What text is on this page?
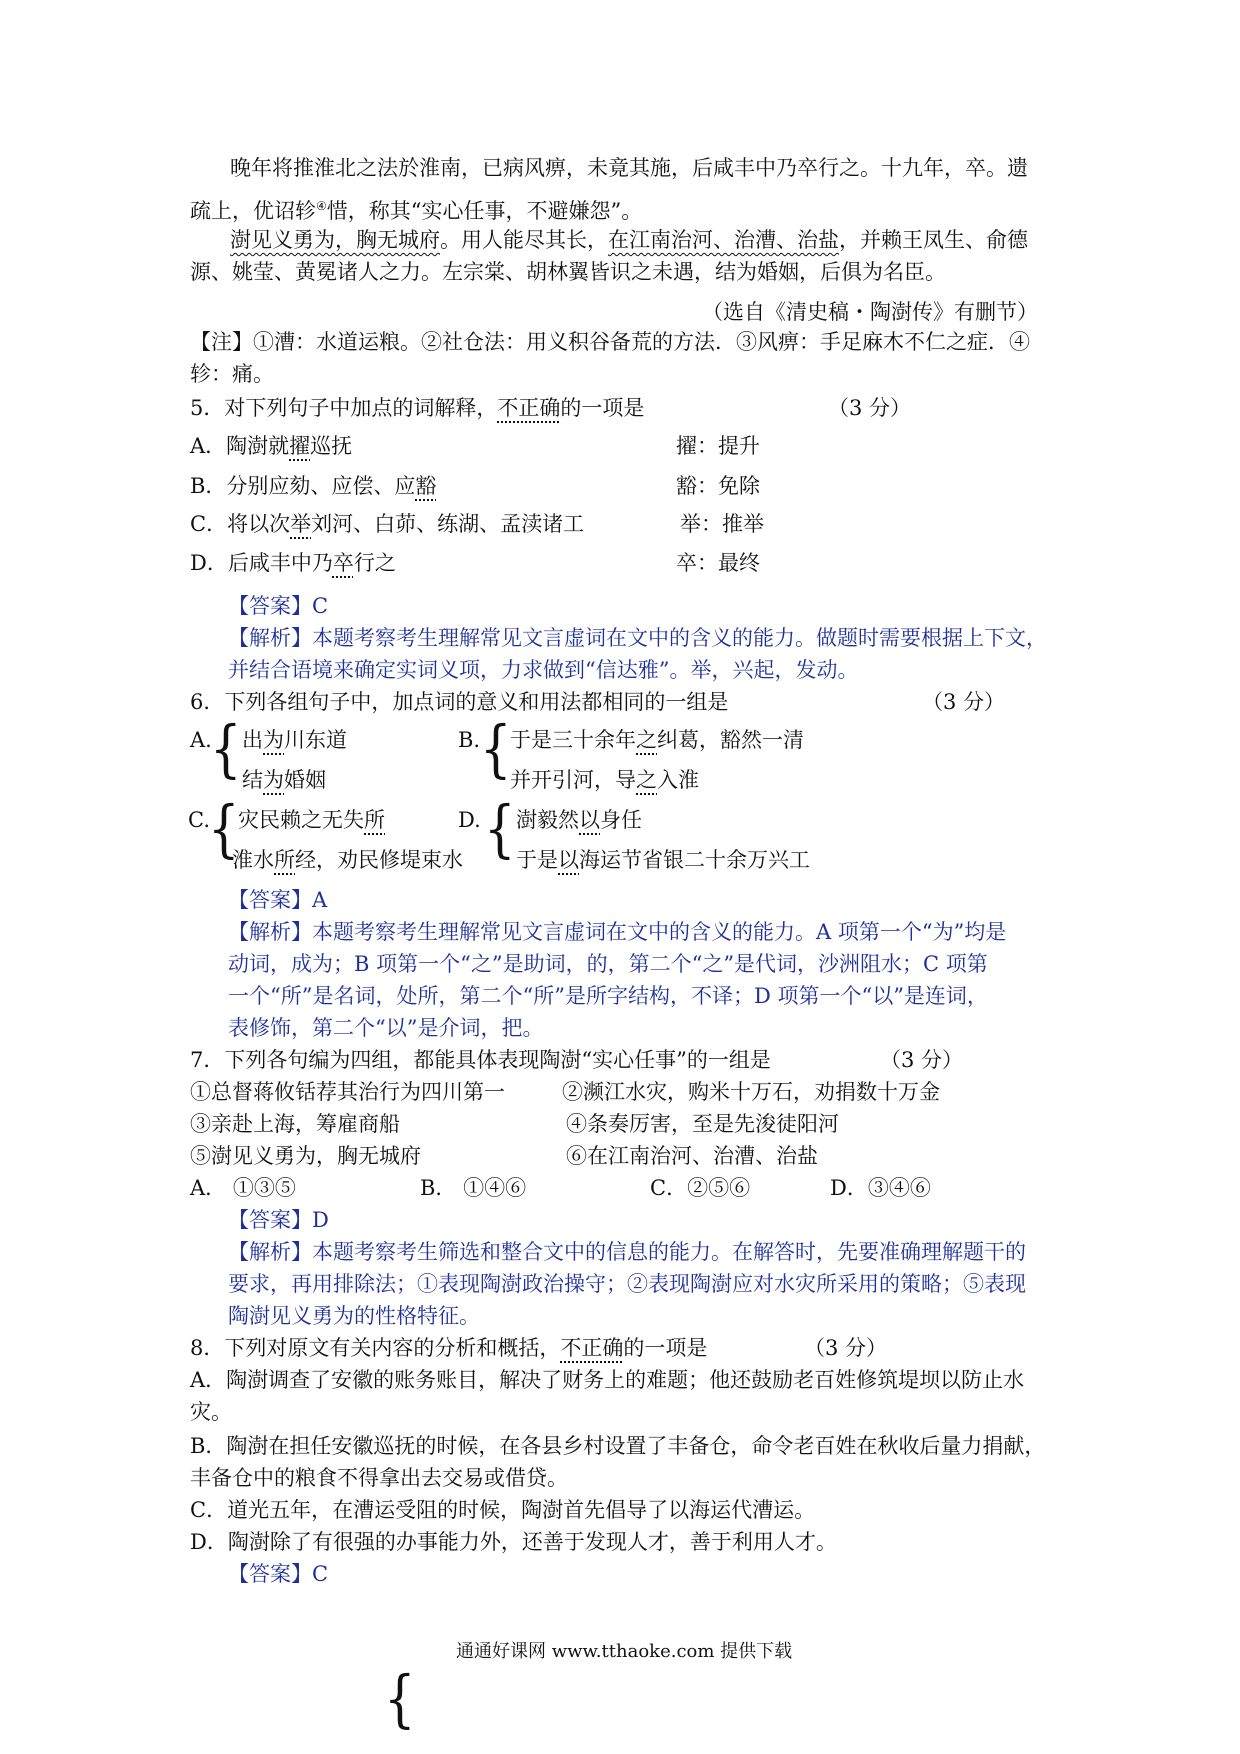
晚年将推淮北之法於淮南，已病风痹，未竟其施，后咸丰中乃卒行之。十九年，卒。遗
疏上，优诏轸④惜，称其“实心任事，不避嫌怨”。
澍见义勇为，胸无城府。用人能尽其长，在江南治河、治漕、治盐，并赖王凤生、俞德
源、姚莹、黄冕诸人之力。左宗棠、胡林翼皆识之未遇，结为婚姻，后俱为名臣。
（选自《清史稿・陶澍传》有删节）
【注】①漕：水道运粮。②社仓法：用义积谷备荒的方法．③风痹：手足麻木不仁之症．④
轸：痛。
5．对下列句子中加点的词解释，不正确的一项是	（3 分）
A．陶澍就擢巡抚	擢：提升
B．分别应劾、应偿、应豁	豁：免除
C．将以次举刘河、白茆、练湖、孟渎诸工	举：推举
D．后咸丰中乃卒行之	卒：最终
【答案】C
【解析】本题考察考生理解常见文言虚词在文中的含义的能力。做题时需要根据上下文，
并结合语境来确定实词义项，力求做到“信达雅”。举，兴起，发动。
6．下列各组句子中，加点词的意义和用法都相同的一组是	（3 分）
A.
{ 出为川东道
结为婚姻
B. {
于是三十余年之纠葛，豁然一清
并开引河，导之入淮
C.
{
灾民赖之无失所
淮水所经，劝民修堤束水
D. { 澍毅然以身任
于是以海运节省银二十余万兴工
【答案】A
【解析】本题考察考生理解常见文言虚词在文中的含义的能力。A 项第一个“为”均是
动词，成为；B 项第一个“之”是助词，的，第二个“之”是代词，沙洲阻水；C 项第
一个“所”是名词，处所，第二个“所”是所字结构，不译；D 项第一个“以”是连词，
表修饰，第二个“以”是介词，把。
7．下列各句编为四组，都能具体表现陶澍“实心任事”的一组是	（3 分）
①总督蒋攸铦荐其治行为四川第一	②濒江水灾，购米十万石，劝捐数十万金
③亲赴上海，筹雇商船	④条奏厉害，至是先浚徒阳河
⑤澍见义勇为，胸无城府	⑥在江南治河、治漕、治盐
A． ①③⑤	B． ①④⑥	C．②⑤⑥	D．③④⑥
【答案】D
【解析】本题考察考生筛选和整合文中的信息的能力。在解答时，先要准确理解题干的
要求，再用排除法；①表现陶澍政治操守；②表现陶澍应对水灾所采用的策略；⑤表现
陶澍见义勇为的性格特征。
8．下列对原文有关内容的分析和概括，不正确的一项是	（3 分）
A．陶澍调查了安徽的账务账目，解决了财务上的难题；他还鼓励老百姓修筑堤坝以防止水
灾。
B．陶澍在担任安徽巡抚的时候，在各县乡村设置了丰备仓，命令老百姓在秋收后量力捐献，
丰备仓中的粮食不得拿出去交易或借贷。
C．道光五年，在漕运受阻的时候，陶澍首先倡导了以海运代漕运。
D．陶澍除了有很强的办事能力外，还善于发现人才，善于利用人才。
【答案】C
通通好课网 www.tthaoke.com 提供下载
{
